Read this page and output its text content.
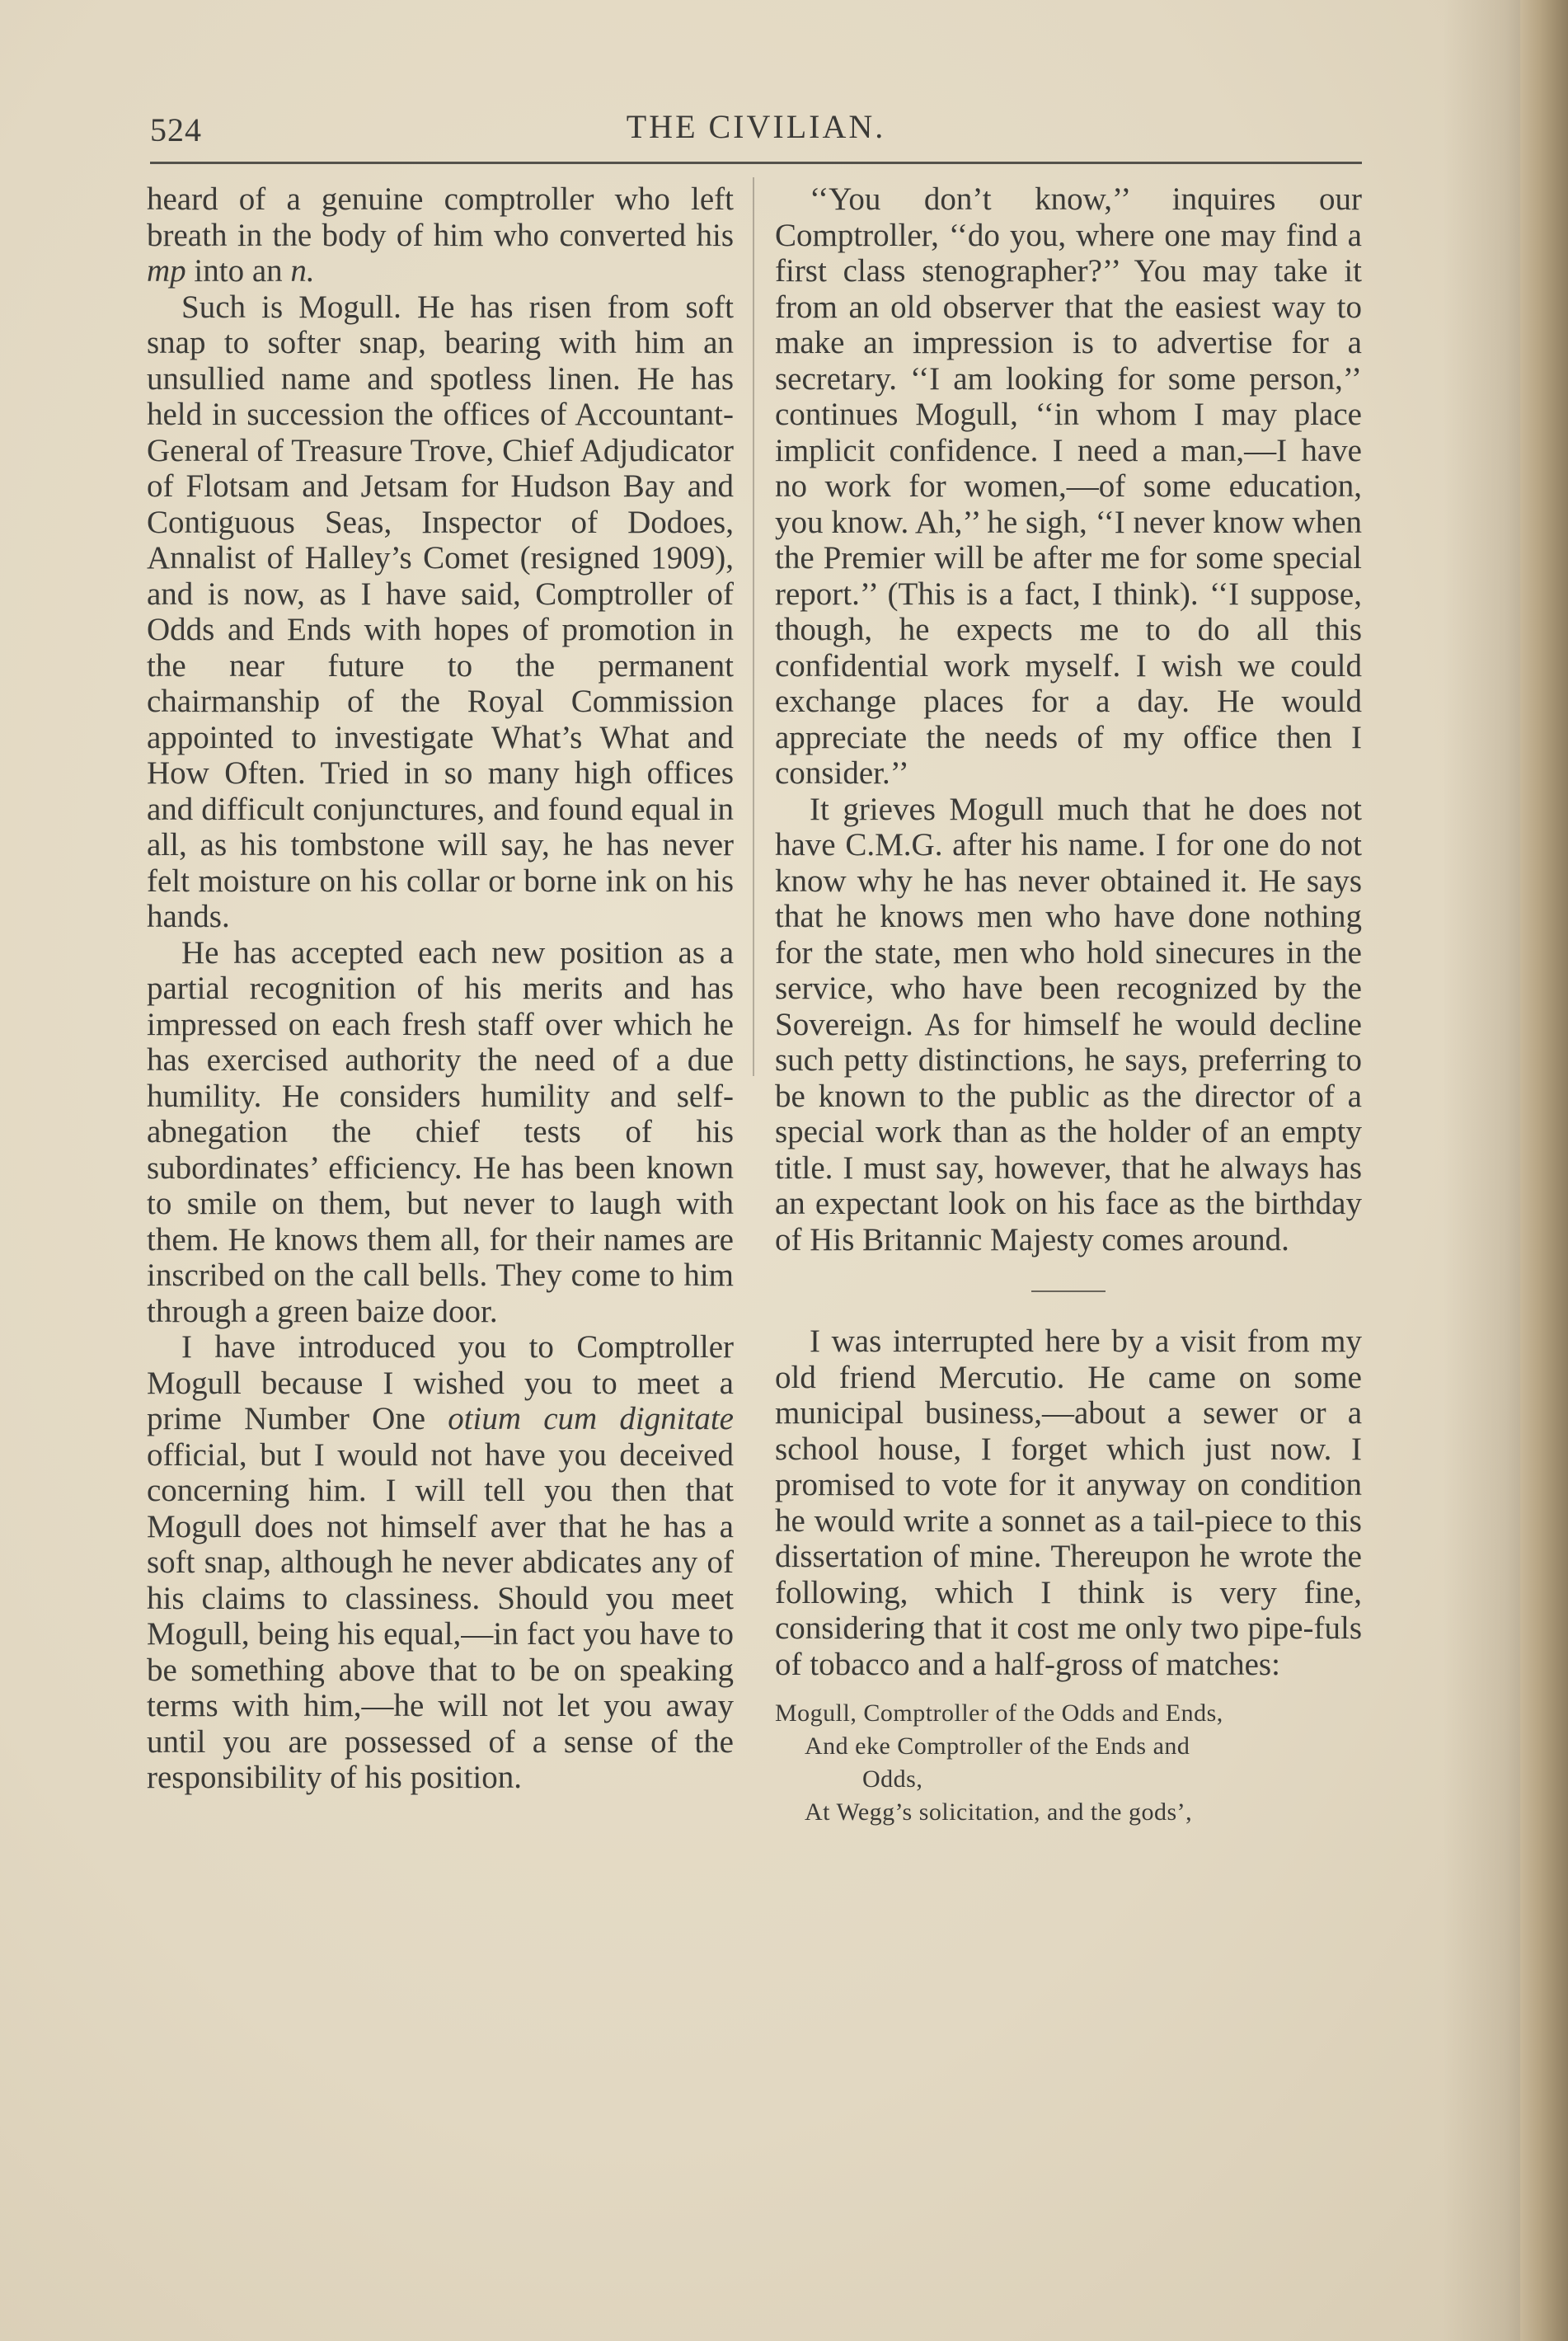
524	THE CIVILIAN.

heard of a genuine comptroller who left breath in the body of him who converted his mp into an n.

Such is Mogull. He has risen from soft snap to softer snap, bearing with him an unsullied name and spotless linen. He has held in succession the offices of Accountant-General of Treasure Trove, Chief Adjudicator of Flotsam and Jetsam for Hudson Bay and Contiguous Seas, Inspector of Dodoes, Annalist of Halley’s Comet (resigned 1909), and is now, as I have said, Comptroller of Odds and Ends with hopes of promotion in the near future to the permanent chairmanship of the Royal Commission appointed to investigate What’s What and How Often. Tried in so many high offices and difficult conjunctures, and found equal in all, as his tombstone will say, he has never felt moisture on his collar or borne ink on his hands.

He has accepted each new position as a partial recognition of his merits and has impressed on each fresh staff over which he has exercised authority the need of a due humility. He considers humility and self-abnegation the chief tests of his subordinates’ efficiency. He has been known to smile on them, but never to laugh with them. He knows them all, for their names are inscribed on the call bells. They come to him through a green baize door.

I have introduced you to Comptroller Mogull because I wished you to meet a prime Number One otium cum dignitate official, but I would not have you deceived concerning him. I will tell you then that Mogull does not himself aver that he has a soft snap, although he never abdicates any of his claims to classiness. Should you meet Mogull, being his equal,—in fact you have to be something above that to be on speaking terms with him,—he will not let you away until you are possessed of a sense of the responsibility of his position.

‘‘You don’t know,’’ inquires our Comptroller, ‘‘do you, where one may find a first class stenographer?’’ You may take it from an old observer that the easiest way to make an impression is to advertise for a secretary. ‘‘I am looking for some person,’’ continues Mogull, ‘‘in whom I may place implicit confidence. I need a man,—I have no work for women,—of some education, you know. Ah,’’ he sigh, ‘‘I never know when the Premier will be after me for some special report.’’ (This is a fact, I think). ‘‘I suppose, though, he expects me to do all this confidential work myself. I wish we could exchange places for a day. He would appreciate the needs of my office then I consider.’’

It grieves Mogull much that he does not have C.M.G. after his name. I for one do not know why he has never obtained it. He says that he knows men who have done nothing for the state, men who hold sinecures in the service, who have been recognized by the Sovereign. As for himself he would decline such petty distinctions, he says, preferring to be known to the public as the director of a special work than as the holder of an empty title. I must say, however, that he always has an expectant look on his face as the birthday of His Britannic Majesty comes around.

I was interrupted here by a visit from my old friend Mercutio. He came on some municipal business,—about a sewer or a school house, I forget which just now. I promised to vote for it anyway on condition he would write a sonnet as a tail-piece to this dissertation of mine. Thereupon he wrote the following, which I think is very fine, considering that it cost me only two pipe-fuls of tobacco and a half-gross of matches:

Mogull, Comptroller of the Odds and Ends,
And eke Comptroller of the Ends and
Odds,
At Wegg’s solicitation, and the gods’,
